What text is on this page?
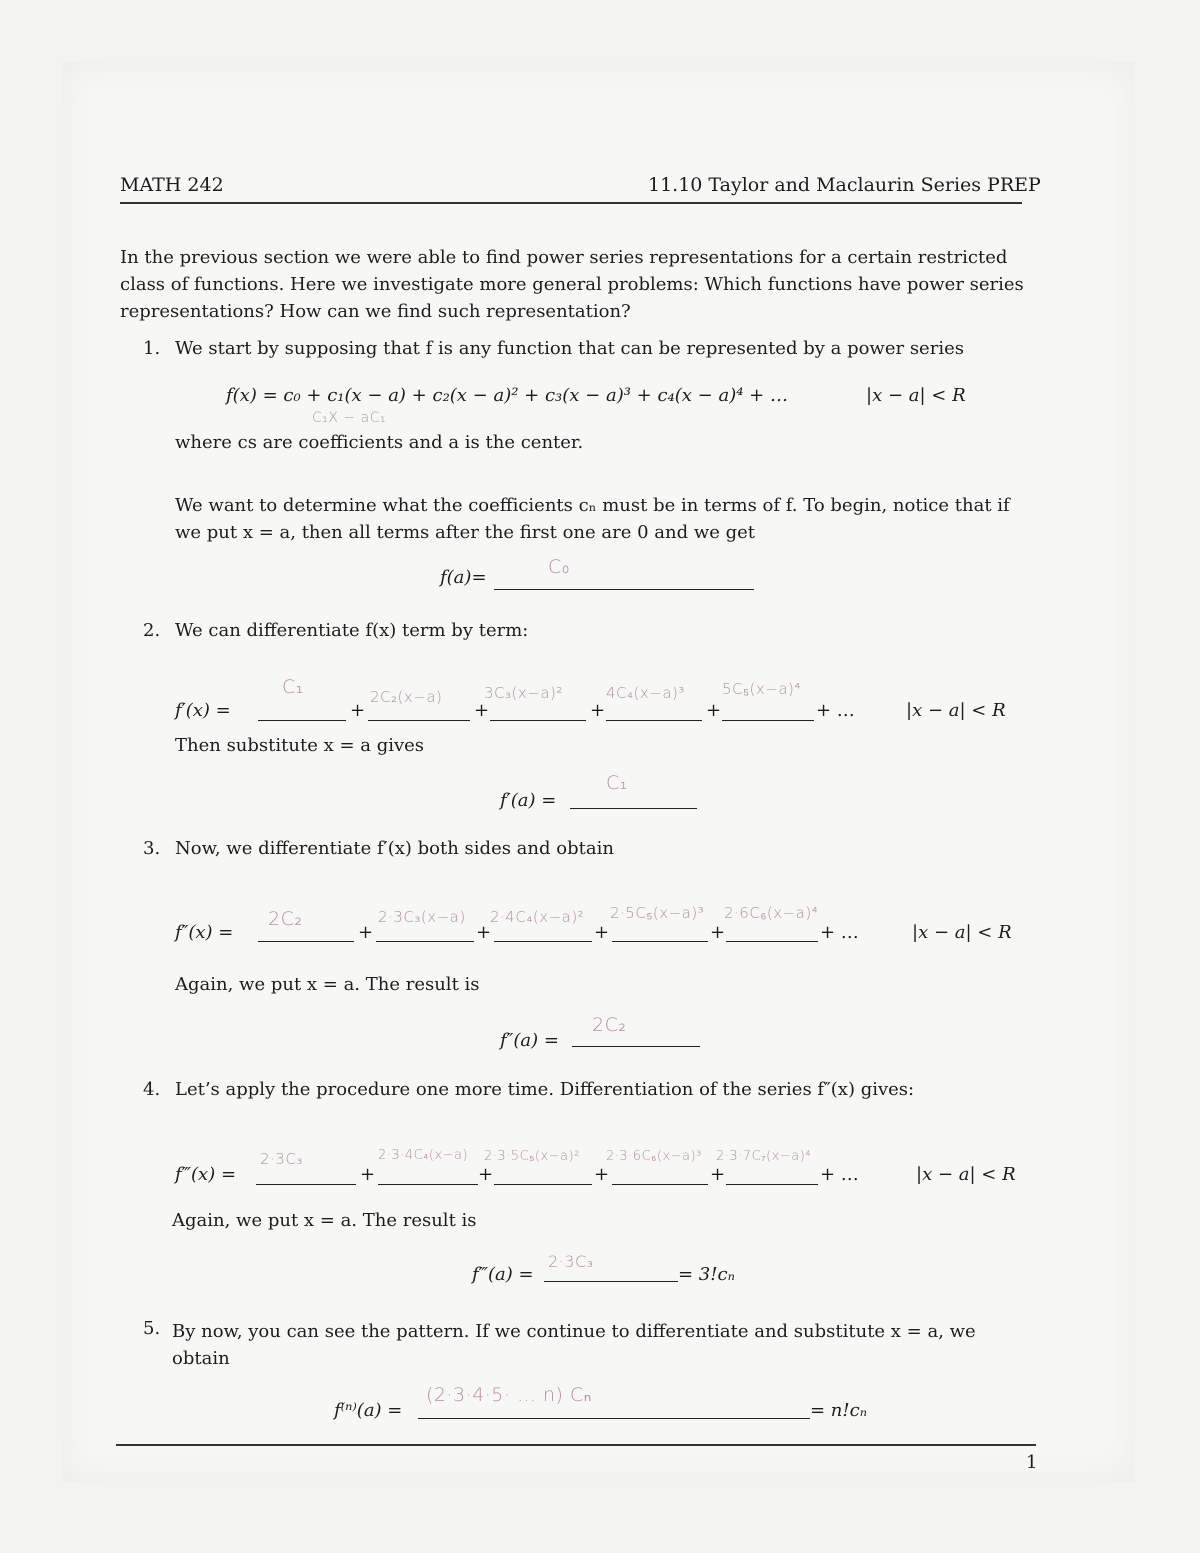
MATH 242	11.10 Taylor and Maclaurin Series PREP
In the previous section we were able to find power series representations for a certain restricted class of functions. Here we investigate more general problems: Which functions have power series representations? How can we find such representation?
1. We start by supposing that f is any function that can be represented by a power series
f(x) = c₀ + c₁(x − a) + c₂(x − a)² + c₃(x − a)³ + c₄(x − a)⁴ + …	|x − a| < R
C₁X − aC₁
where cs are coefficients and a is the center.
We want to determine what the coefficients cₙ must be in terms of f. To begin, notice that if we put x = a, then all terms after the first one are 0 and we get
f(a)=	C₀
2. We can differentiate f(x) term by term:
f′(x) =
C₁
+
2C₂(x−a)
+
3C₃(x−a)²
+
4C₄(x−a)³
+
5C₅(x−a)⁴
+ …	|x − a| < R
Then substitute x = a gives
f′(a) =
C₁
3. Now, we differentiate f′(x) both sides and obtain
f″(x) =
2C₂
+
2·3C₃(x−a)
+
2·4C₄(x−a)²
+
2·5C₅(x−a)³
+
2·6C₆(x−a)⁴
+ …	|x − a| < R
Again, we put x = a. The result is
f″(a) =
2C₂
4. Let’s apply the procedure one more time. Differentiation of the series f″(x) gives:
f‴(x) =
2·3C₃
+
2·3·4C₄(x−a)
+
2·3·5C₅(x−a)²
+
2·3·6C₆(x−a)³
+
2·3·7C₇(x−a)⁴
+ …	|x − a| < R
Again, we put x = a. The result is
f‴(a) =
2·3C₃
= 3!cₙ
5. By now, you can see the pattern. If we continue to differentiate and substitute x = a, we obtain
f⁽ⁿ⁾(a) =
(2·3·4·5· … n) Cₙ
= n!cₙ
1
